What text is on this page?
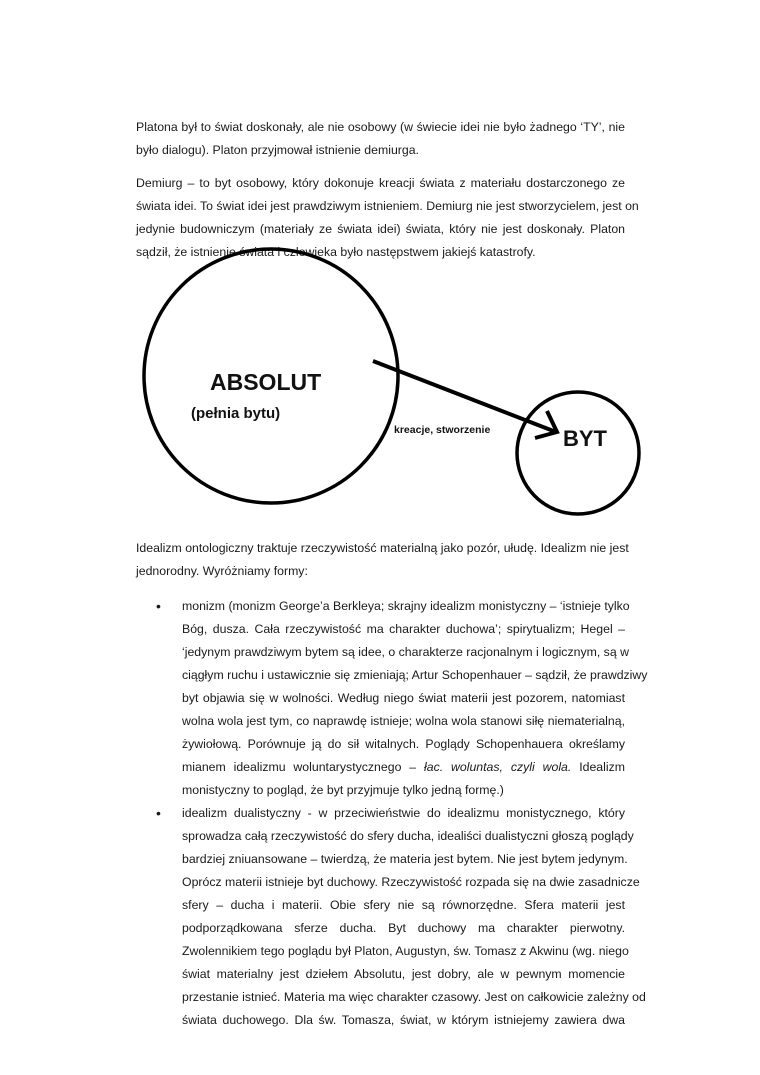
Platona był to świat doskonały, ale nie osobowy (w świecie idei nie było żadnego ‘TY’, nie
było dialogu). Platon przyjmował istnienie demiurga.
Demiurg – to byt osobowy, który dokonuje kreacji świata z materiału dostarczonego ze
świata idei. To świat idei jest prawdziwym istnieniem. Demiurg nie jest stworzycielem, jest on
jedynie budowniczym (materiały ze świata idei) świata, który nie jest doskonały. Platon
sądził, że istnienie świata i człowieka było następstwem jakiejś katastrofy.
ABSOLUT
(pełnia bytu)
kreacje, stworzenie	BYT
Idealizm ontologiczny traktuje rzeczywistość materialną jako pozór, ułudę. Idealizm nie jest
jednorodny. Wyróżniamy formy:
• monizm (monizm George’a Berkleya; skrajny idealizm monistyczny – ‘istnieje tylko
Bóg, dusza. Cała rzeczywistość ma charakter duchowa’; spirytualizm; Hegel –
‘jedynym prawdziwym bytem są idee, o charakterze racjonalnym i logicznym, są w
ciągłym ruchu i ustawicznie się zmieniają; Artur Schopenhauer – sądził, że prawdziwy
byt objawia się w wolności. Według niego świat materii jest pozorem, natomiast
wolna wola jest tym, co naprawdę istnieje; wolna wola stanowi siłę niematerialną,
żywiołową. Porównuje ją do sił witalnych. Poglądy Schopenhauera określamy
mianem idealizmu woluntarystycznego – łac. woluntas, czyli wola. Idealizm
monistyczny to pogląd, że byt przyjmuje tylko jedną formę.)
• idealizm dualistyczny - w przeciwieństwie do idealizmu monistycznego, który
sprowadza całą rzeczywistość do sfery ducha, idealiści dualistyczni głoszą poglądy
bardziej zniuansowane – twierdzą, że materia jest bytem. Nie jest bytem jedynym.
Oprócz materii istnieje byt duchowy. Rzeczywistość rozpada się na dwie zasadnicze
sfery – ducha i materii. Obie sfery nie są równorzędne. Sfera materii jest
podporządkowana sferze ducha. Byt duchowy ma charakter pierwotny.
Zwolennikiem tego poglądu był Platon, Augustyn, św. Tomasz z Akwinu (wg. niego
świat materialny jest dziełem Absolutu, jest dobry, ale w pewnym momencie
przestanie istnieć. Materia ma więc charakter czasowy. Jest on całkowicie zależny od
świata duchowego. Dla św. Tomasza, świat, w którym istniejemy zawiera dwa
